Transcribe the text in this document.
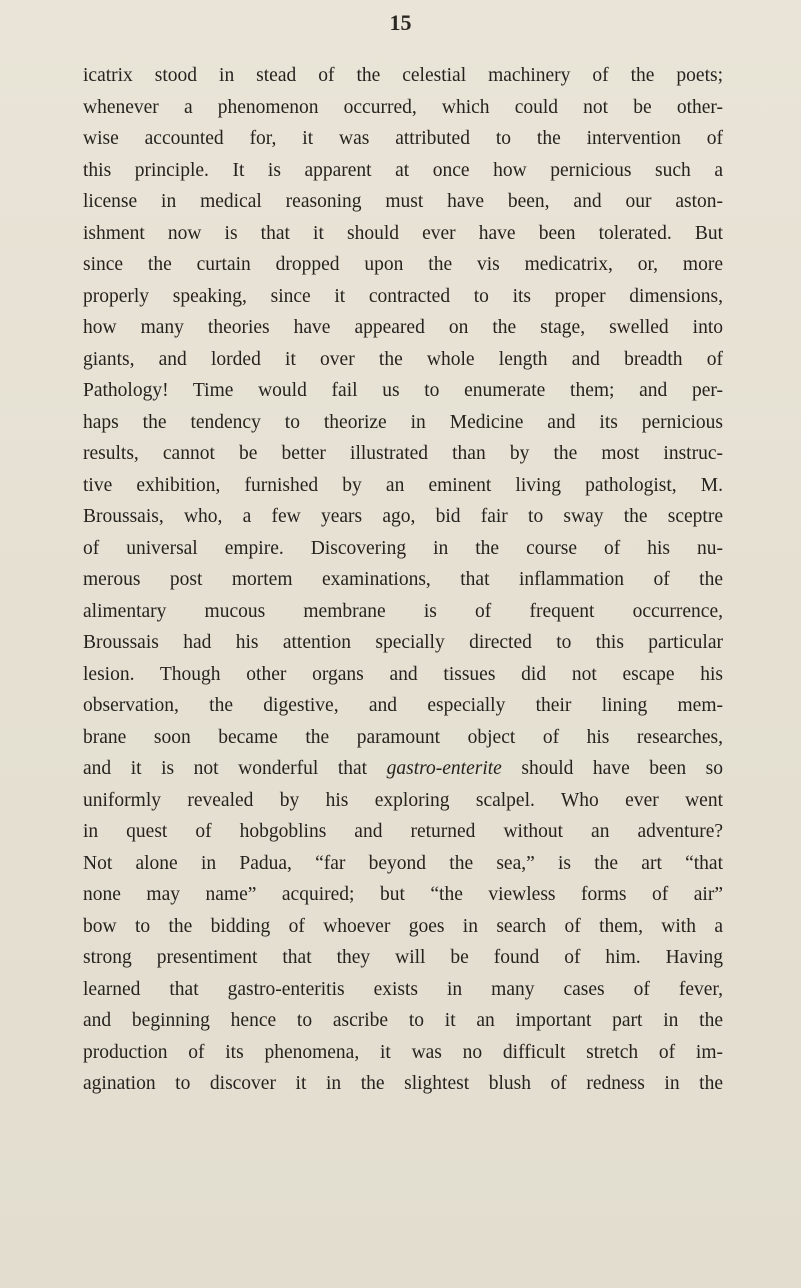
15
icatrix stood in stead of the celestial machinery of the poets;
whenever a phenomenon occurred, which could not be other-
wise accounted for, it was attributed to the intervention of
this principle. It is apparent at once how pernicious such a
license in medical reasoning must have been, and our aston-
ishment now is that it should ever have been tolerated. But
since the curtain dropped upon the vis medicatrix, or, more
properly speaking, since it contracted to its proper dimensions,
how many theories have appeared on the stage, swelled into
giants, and lorded it over the whole length and breadth of
Pathology! Time would fail us to enumerate them; and per-
haps the tendency to theorize in Medicine and its pernicious
results, cannot be better illustrated than by the most instruc-
tive exhibition, furnished by an eminent living pathologist, M.
Broussais, who, a few years ago, bid fair to sway the sceptre
of universal empire. Discovering in the course of his nu-
merous post mortem examinations, that inflammation of the
alimentary mucous membrane is of frequent occurrence,
Broussais had his attention specially directed to this particular
lesion. Though other organs and tissues did not escape his
observation, the digestive, and especially their lining mem-
brane soon became the paramount object of his researches,
and it is not wonderful that gastro-enterite should have been so
uniformly revealed by his exploring scalpel. Who ever went
in quest of hobgoblins and returned without an adventure?
Not alone in Padua, “far beyond the sea,” is the art “that
none may name” acquired; but “the viewless forms of air”
bow to the bidding of whoever goes in search of them, with a
strong presentiment that they will be found of him. Having
learned that gastro-enteritis exists in many cases of fever,
and beginning hence to ascribe to it an important part in the
production of its phenomena, it was no difficult stretch of im-
agination to discover it in the slightest blush of redness in the
